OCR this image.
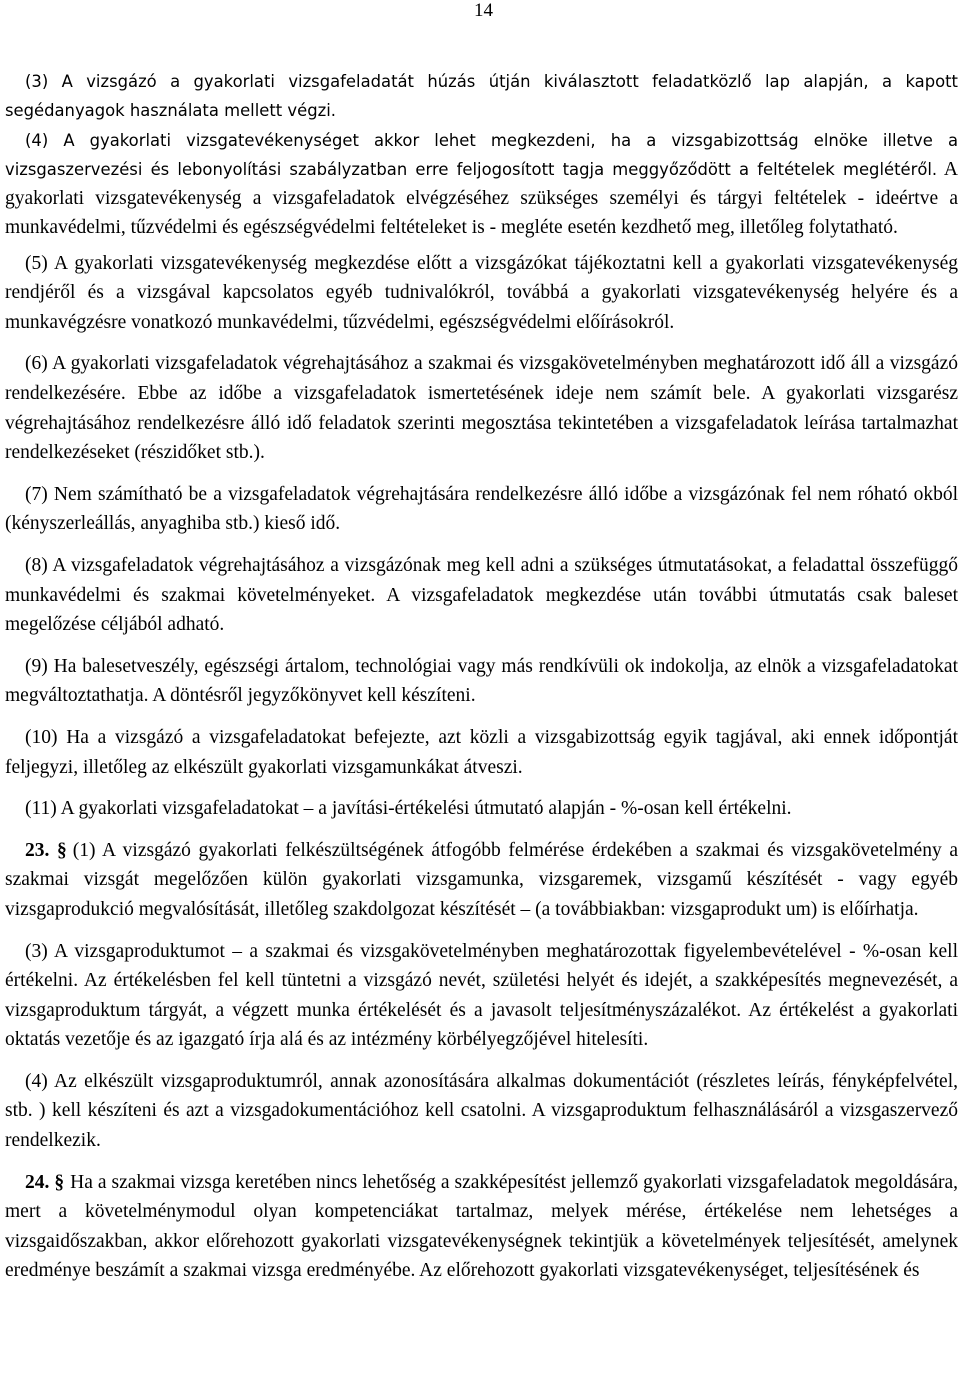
14

(3) A vizsgázó a gyakorlati vizsgafeladatát húzás útján kiválasztott feladatközlő lap alapján, a kapott segédanyagok használata mellett végzi.

(4) A gyakorlati vizsgatevékenységet akkor lehet megkezdeni, ha a vizsgabizottság elnöke illetve a vizsgaszervezési és lebonyolítási szabályzatban erre feljogosított tagja meggyőződött a feltételek meglétéről. A gyakorlati vizsgatevékenység a vizsgafeladatok elvégzéséhez szükséges személyi és tárgyi feltételek - ideértve a munkavédelmi, tűzvédelmi és egészségvédelmi feltételeket is - megléte esetén kezdhető meg, illetőleg folytatható.

(5) A gyakorlati vizsgatevékenység megkezdése előtt a vizsgázókat tájékoztatni kell a gyakorlati vizsgatevékenység rendjéről és a vizsgával kapcsolatos egyéb tudnivalókról, továbbá a gyakorlati vizsgatevékenység helyére és a munkavégzésre vonatkozó munkavédelmi, tűzvédelmi, egészségvédelmi előírásokról.

(6) A gyakorlati vizsgafeladatok végrehajtásához a szakmai és vizsgakövetelményben meghatározott idő áll a vizsgázó rendelkezésére. Ebbe az időbe a vizsgafeladatok ismertetésének ideje nem számít bele. A gyakorlati vizsgarész végrehajtásához rendelkezésre álló idő feladatok szerinti megosztása tekintetében a vizsgafeladatok leírása tartalmazhat rendelkezéseket (részidőket stb.).

(7) Nem számítható be a vizsgafeladatok végrehajtására rendelkezésre álló időbe a vizsgázónak fel nem róható okból (kényszerleállás, anyaghiba stb.) kieső idő.

(8) A vizsgafeladatok végrehajtásához a vizsgázónak meg kell adni a szükséges útmutatásokat, a feladattal összefüggő munkavédelmi és szakmai követelményeket. A vizsgafeladatok megkezdése után további útmutatás csak baleset megelőzése céljából adható.

(9) Ha balesetveszély, egészségi ártalom, technológiai vagy más rendkívüli ok indokolja, az elnök a vizsgafeladatokat megváltoztathatja. A döntésről jegyzőkönyvet kell készíteni.

(10) Ha a vizsgázó a vizsgafeladatokat befejezte, azt közli a vizsgabizottság egyik tagjával, aki ennek időpontját feljegyzi, illetőleg az elkészült gyakorlati vizsgamunkákat átveszi.

(11) A gyakorlati vizsgafeladatokat – a javítási-értékelési útmutató alapján - %-osan kell értékelni.

23. § (1) A vizsgázó gyakorlati felkészültségének átfogóbb felmérése érdekében a szakmai és vizsgakövetelmény a szakmai vizsgát megelőzően külön gyakorlati vizsgamunka, vizsgaremek, vizsgamű készítését - vagy egyéb vizsgaprodukció megvalósítását, illetőleg szakdolgozat készítését – (a továbbiakban: vizsgaprodukt um) is előírhatja.

(3) A vizsgaproduktumot – a szakmai és vizsgakövetelményben meghatározottak figyelembevételével - %-osan kell értékelni. Az értékelésben fel kell tüntetni a vizsgázó nevét, születési helyét és idejét, a szakképesítés megnevezését, a vizsgaproduktum tárgyát, a végzett munka értékelését és a javasolt teljesítményszázalékot. Az értékelést a gyakorlati oktatás vezetője és az igazgató írja alá és az intézmény körbélyegzőjével hitelesíti.

(4) Az elkészült vizsgaproduktumról, annak azonosítására alkalmas dokumentációt (részletes leírás, fényképfelvétel, stb. ) kell készíteni és azt a vizsgadokumentációhoz kell csatolni. A vizsgaproduktum felhasználásáról a vizsgaszervező rendelkezik.

24. § Ha a szakmai vizsga keretében nincs lehetőség a szakképesítést jellemző gyakorlati vizsgafeladatok megoldására, mert a követelménymodul olyan kompetenciákat tartalmaz, melyek mérése, értékelése nem lehetséges a vizsgaidőszakban, akkor előrehozott gyakorlati vizsgatevékenységnek tekintjük a követelmények teljesítését, amelynek eredménye beszámít a szakmai vizsga eredményébe. Az előrehozott gyakorlati vizsgatevékenységet, teljesítésének és
